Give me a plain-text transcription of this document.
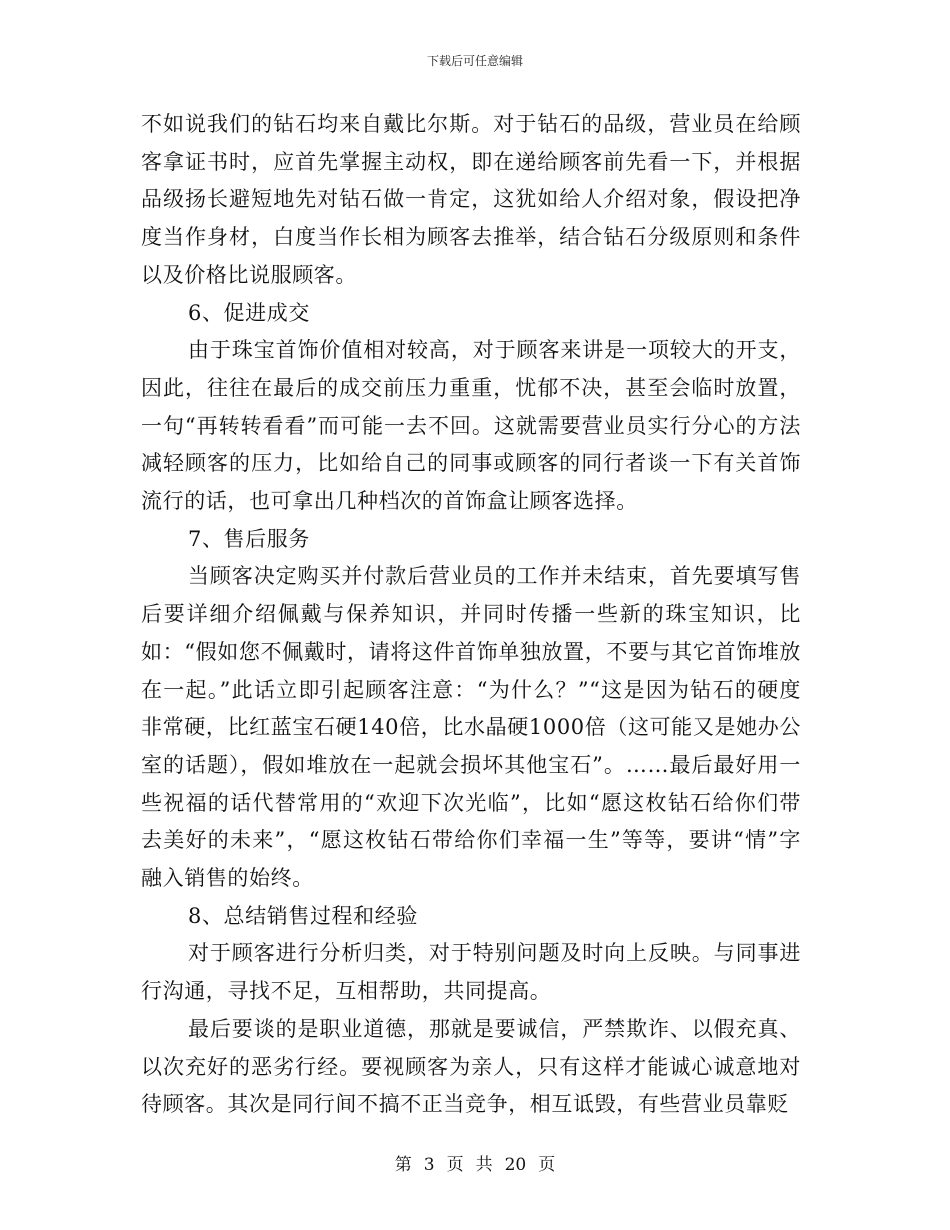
下载后可任意编辑

不如说我们的钻石均来自戴比尔斯。对于钻石的品级，营业员在给顾客拿证书时，应首先掌握主动权，即在递给顾客前先看一下，并根据品级扬长避短地先对钻石做一肯定，这犹如给人介绍对象，假设把净度当作身材，白度当作长相为顾客去推举，结合钻石分级原则和条件以及价格比说服顾客。

6、促进成交

由于珠宝首饰价值相对较高，对于顾客来讲是一项较大的开支，因此，往往在最后的成交前压力重重，忧郁不决，甚至会临时放置，一句“再转转看看”而可能一去不回。这就需要营业员实行分心的方法减轻顾客的压力，比如给自己的同事或顾客的同行者谈一下有关首饰流行的话，也可拿出几种档次的首饰盒让顾客选择。

7、售后服务

当顾客决定购买并付款后营业员的工作并未结束，首先要填写售后要详细介绍佩戴与保养知识，并同时传播一些新的珠宝知识，比如：“假如您不佩戴时，请将这件首饰单独放置，不要与其它首饰堆放在一起。”此话立即引起顾客注意：“为什么？”“这是因为钻石的硬度非常硬，比红蓝宝石硬140倍，比水晶硬1000倍（这可能又是她办公室的话题），假如堆放在一起就会损坏其他宝石”。……最后最好用一些祝福的话代替常用的“欢迎下次光临”，比如“愿这枚钻石给你们带去美好的未来”，“愿这枚钻石带给你们幸福一生”等等，要讲“情”字融入销售的始终。

8、总结销售过程和经验

对于顾客进行分析归类，对于特别问题及时向上反映。与同事进行沟通，寻找不足，互相帮助，共同提高。

最后要谈的是职业道德，那就是要诚信，严禁欺诈、以假充真、以次充好的恶劣行经。要视顾客为亲人，只有这样才能诚心诚意地对待顾客。其次是同行间不搞不正当竞争，相互诋毁，有些营业员靠贬

第 3 页 共 20 页
